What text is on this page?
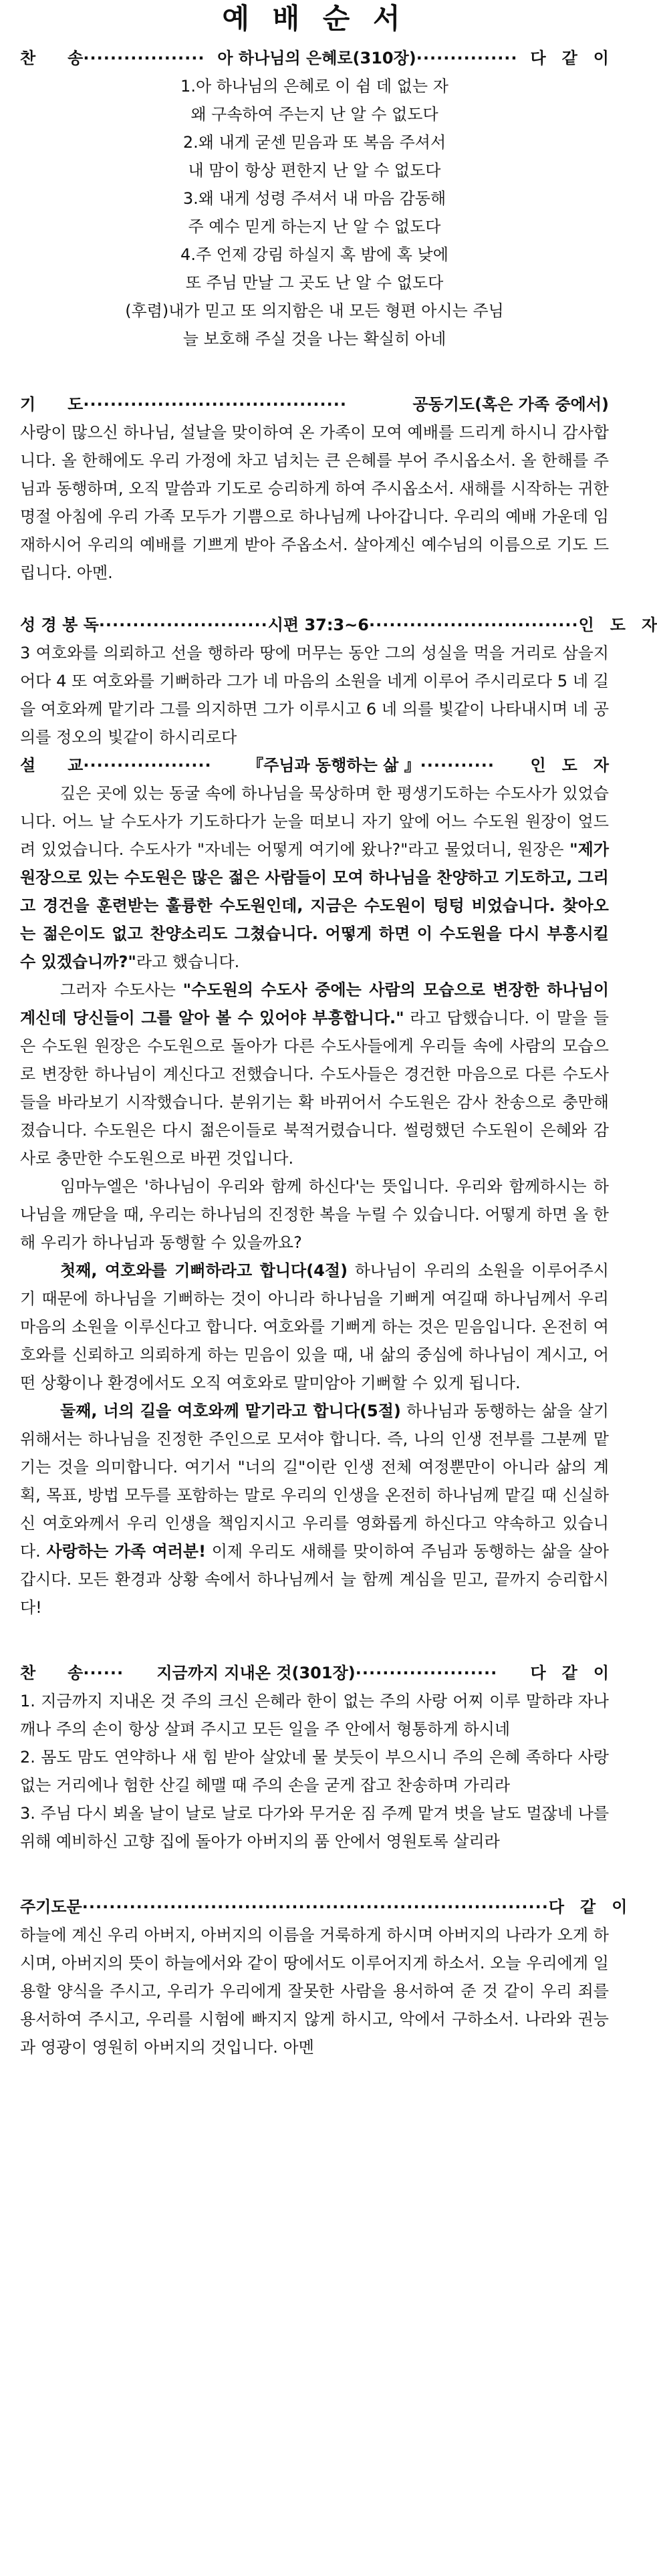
예 배 순 서
찬　　송 ·················· 아 하나님의 은혜로(310장) ··············· 다　같　이
1.아 하나님의 은혜로 이 쉼 데 없는 자
왜 구속하여 주는지 난 알 수 없도다
2.왜 내게 굳센 믿음과 또 복음 주셔서
내 맘이 항상 편한지 난 알 수 없도다
3.왜 내게 성령 주셔서 내 마음 감동해
주 예수 믿게 하는지 난 알 수 없도다
4.주 언제 강림 하실지 혹 밤에 혹 낮에
또 주님 만날 그 곳도 난 알 수 없도다
(후렴)내가 믿고 또 의지함은 내 모든 형편 아시는 주님
늘 보호해 주실 것을 나는 확실히 아네
기　　도 ·······································	공동기도(혹은 가족 중에서)

사랑이 많으신 하나님, 설날을 맞이하여 온 가족이 모여 예배를 드리게 하시니 감사합니다. 올 한해에도 우리 가정에 차고 넘치는 큰 은혜를 부어 주시옵소서. 올 한해를 주님과 동행하며, 오직 말씀과 기도로 승리하게 하여 주시옵소서. 새해를 시작하는 귀한 명절 아침에 우리 가족 모두가 기쁨으로 하나님께 나아갑니다. 우리의 예배 가운데 임재하시어 우리의 예배를 기쁘게 받아 주옵소서. 살아계신 예수님의 이름으로 기도 드립니다. 아멘.

성 경 봉 독 ························· 시편 37:3~6 ······························· 인　도　자

3 여호와를 의뢰하고 선을 행하라 땅에 머무는 동안 그의 성실을 먹을 거리로 삼을지어다 4 또 여호와를 기뻐하라 그가 네 마음의 소원을 네게 이루어 주시리로다 5 네 길을 여호와께 맡기라 그를 의지하면 그가 이루시고 6 네 의를 빛같이 나타내시며 네 공의를 정오의 빛같이 하시리로다

설　　교 ···················	『주님과 동행하는 삶 』 ···········	인　도　자

깊은 곳에 있는 동굴 속에 하나님을 묵상하며 한 평생기도하는 수도사가 있었습니다. 어느 날 수도사가 기도하다가 눈을 떠보니 자기 앞에 어느 수도원 원장이 엎드려 있었습니다. 수도사가 "자네는 어떻게 여기에 왔나?"라고 물었더니, 원장은 "제가 원장으로 있는 수도원은 많은 젊은 사람들이 모여 하나님을 찬양하고 기도하고, 그리고 경건을 훈련받는 훌륭한 수도원인데, 지금은 수도원이 텅텅 비었습니다. 찾아오는 젊은이도 없고 찬양소리도 그쳤습니다. 어떻게 하면 이 수도원을 다시 부흥시킬 수 있겠습니까?"라고 했습니다.

그러자 수도사는 "수도원의 수도사 중에는 사람의 모습으로 변장한 하나님이 계신데 당신들이 그를 알아 볼 수 있어야 부흥합니다." 라고 답했습니다. 이 말을 들은 수도원 원장은 수도원으로 돌아가 다른 수도사들에게 우리들 속에 사람의 모습으로 변장한 하나님이 계신다고 전했습니다. 수도사들은 경건한 마음으로 다른 수도사들을 바라보기 시작했습니다. 분위기는 확 바뀌어서 수도원은 감사 찬송으로 충만해졌습니다. 수도원은 다시 젊은이들로 북적거렸습니다. 썰렁했던 수도원이 은혜와 감사로 충만한 수도원으로 바뀐 것입니다.

임마누엘은 '하나님이 우리와 함께 하신다'는 뜻입니다. 우리와 함께하시는 하나님을 깨닫을 때, 우리는 하나님의 진정한 복을 누릴 수 있습니다. 어떻게 하면 올 한해 우리가 하나님과 동행할 수 있을까요?

첫째, 여호와를 기뻐하라고 합니다(4절) 하나님이 우리의 소원을 이루어주시기 때문에 하나님을 기뻐하는 것이 아니라 하나님을 기뻐게 여길때 하나님께서 우리 마음의 소원을 이루신다고 합니다. 여호와를 기뻐게 하는 것은 믿음입니다. 온전히 여호와를 신뢰하고 의뢰하게 하는 믿음이 있을 때, 내 삶의 중심에 하나님이 계시고, 어떤 상황이나 환경에서도 오직 여호와로 말미암아 기뻐할 수 있게 됩니다.

둘째, 너의 길을 여호와께 맡기라고 합니다(5절) 하나님과 동행하는 삶을 살기 위해서는 하나님을 진정한 주인으로 모셔야 합니다. 즉, 나의 인생 전부를 그분께 맡기는 것을 의미합니다. 여기서 "너의 길"이란 인생 전체 여정뿐만이 아니라 삶의 계획, 목표, 방법 모두를 포함하는 말로 우리의 인생을 온전히 하나님께 맡길 때 신실하신 여호와께서 우리 인생을 책임지시고 우리를 영화롭게 하신다고 약속하고 있습니다. 사랑하는 가족 여러분! 이제 우리도 새해를 맞이하여 주님과 동행하는 삶을 살아갑시다. 모든 환경과 상황 속에서 하나님께서 늘 함께 계심을 믿고, 끝까지 승리합시다!

찬　　송 ······	지금까지 지내온 것(301장) ·····················	다　같　이

1. 지금까지 지내온 것 주의 크신 은혜라 한이 없는 주의 사랑 어찌 이루 말하랴 자나깨나 주의 손이 항상 살펴 주시고 모든 일을 주 안에서 형통하게 하시네

2. 몸도 맘도 연약하나 새 힘 받아 살았네 물 붓듯이 부으시니 주의 은혜 족하다 사랑 없는 거리에나 험한 산길 헤맬 때 주의 손을 굳게 잡고 찬송하며 가리라

3. 주님 다시 뵈올 날이 날로 날로 다가와 무거운 짐 주께 맡겨 벗을 날도 멀잖네 나를 위해 예비하신 고향 집에 돌아가 아버지의 품 안에서 영원토록 살리라

주기도문 ····································································· 다　같　이

하늘에 계신 우리 아버지, 아버지의 이름을 거룩하게 하시며 아버지의 나라가 오게 하시며, 아버지의 뜻이 하늘에서와 같이 땅에서도 이루어지게 하소서. 오늘 우리에게 일용할 양식을 주시고, 우리가 우리에게 잘못한 사람을 용서하여 준 것 같이 우리 죄를 용서하여 주시고, 우리를 시험에 빠지지 않게 하시고, 악에서 구하소서. 나라와 권능과 영광이 영원히 아버지의 것입니다. 아멘
